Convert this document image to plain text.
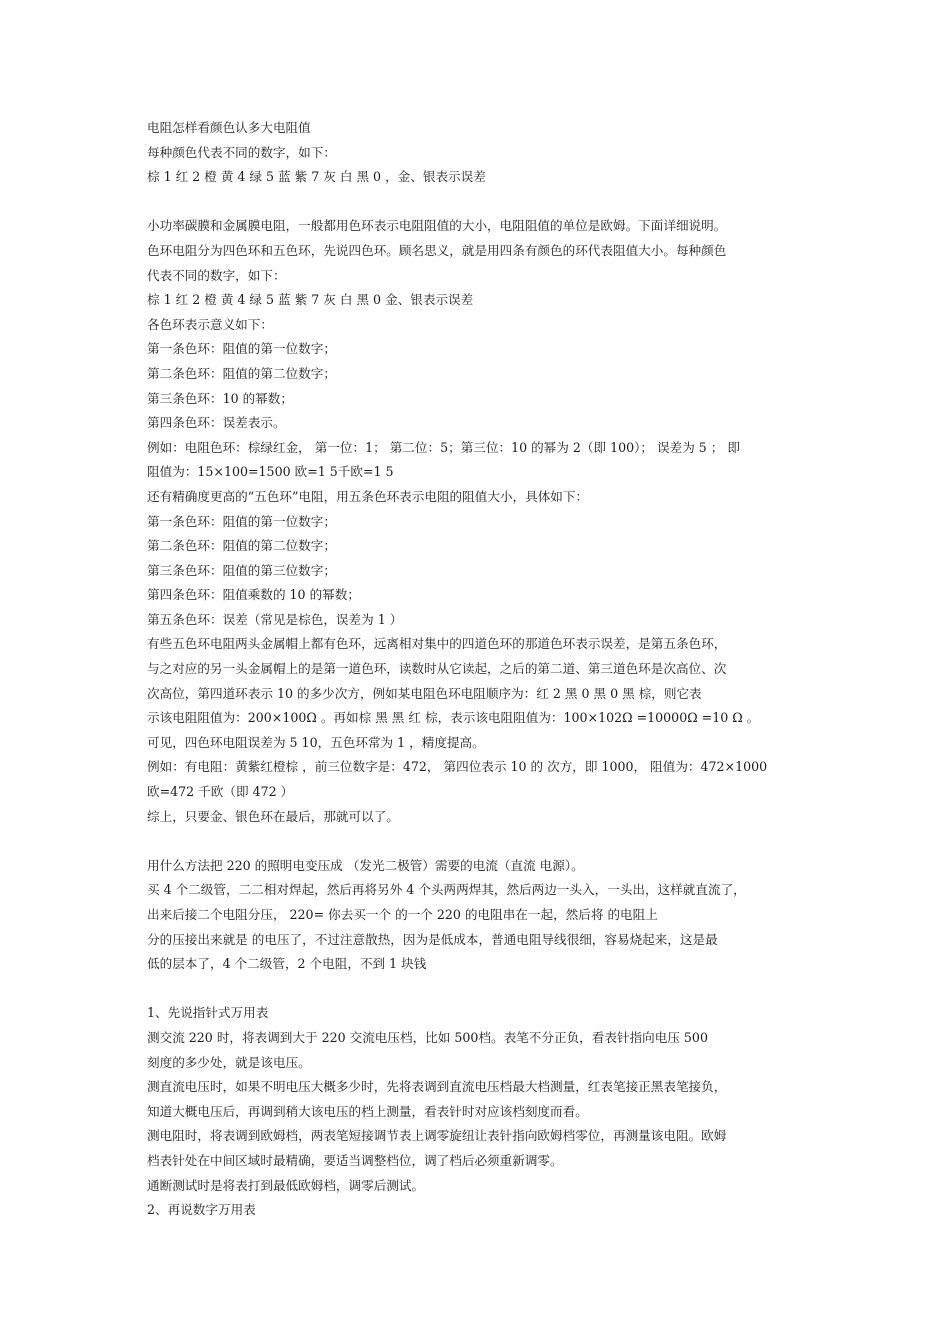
电阻怎样看颜色认多大电阻值
每种颜色代表不同的数字，如下：
棕 1 红 2 橙 黄 4 绿 5 蓝 紫 7 灰 白 黑 0 ，金、银表示误差
小功率碳膜和金属膜电阻，一般都用色环表示电阻阻值的大小，电阻阻值的单位是欧姆。下面详细说明。
色环电阻分为四色环和五色环，先说四色环。顾名思义，就是用四条有颜色的环代表阻值大小。每种颜色
代表不同的数字，如下：
棕 1 红 2 橙 黄 4 绿 5 蓝 紫 7 灰 白 黑 0 金、银表示误差
各色环表示意义如下：
第一条色环：阻值的第一位数字；
第二条色环：阻值的第二位数字；
第三条色环：10 的幂数；
第四条色环：误差表示。
例如：电阻色环：棕绿红金， 第一位：1； 第二位：5；第三位：10 的幂为 2（即 100）； 误差为 5 ； 即
阻值为：15×100=1500 欧=1 5千欧=1 5
还有精确度更高的“五色环”电阻，用五条色环表示电阻的阻值大小，具体如下：
第一条色环：阻值的第一位数字；
第二条色环：阻值的第二位数字；
第三条色环：阻值的第三位数字；
第四条色环：阻值乘数的 10 的幂数；
第五条色环：误差（常见是棕色，误差为 1 ）
有些五色环电阻两头金属帽上都有色环，远离相对集中的四道色环的那道色环表示误差，是第五条色环，
与之对应的另一头金属帽上的是第一道色环，读数时从它读起，之后的第二道、第三道色环是次高位、次
次高位，第四道环表示 10 的多少次方，例如某电阻色环电阻顺序为：红 2 黑 0 黑 0 黑 棕，则它表
示该电阻阻值为：200×100Ω 。再如棕 黑 黑 红 棕，表示该电阻阻值为：100×102Ω =10000Ω =10 Ω 。
可见，四色环电阻误差为 5 10，五色环常为 1 ，精度提高。
例如：有电阻：黄紫红橙棕 ，前三位数字是：472， 第四位表示 10 的 次方，即 1000， 阻值为：472×1000
欧=472 千欧（即 472 ）
综上，只要金、银色环在最后，那就可以了。
用什么方法把 220 的照明电变压成 （发光二极管）需要的电流（直流 电源）。
买 4 个二级管，二二相对焊起，然后再将另外 4 个头两两焊其，然后两边一头入，一头出，这样就直流了，
出来后接二个电阻分压， 220= 你去买一个 的一个 220 的电阻串在一起，然后将 的电阻上
分的压接出来就是 的电压了，不过注意散热，因为是低成本，普通电阻导线很细，容易烧起来，这是最
低的层本了，4 个二级管，2 个电阻，不到 1 块钱
1、先说指针式万用表
测交流 220 时，将表调到大于 220 交流电压档，比如 500档。表笔不分正负，看表针指向电压 500
刻度的多少处，就是该电压。
测直流电压时，如果不明电压大概多少时，先将表调到直流电压档最大档测量，红表笔接正黑表笔接负，
知道大概电压后，再调到稍大该电压的档上测量，看表针时对应该档刻度而看。
测电阻时，将表调到欧姆档，两表笔短接调节表上调零旋纽让表针指向欧姆档零位，再测量该电阻。欧姆
档表针处在中间区域时最精确，要适当调整档位，调了档后必须重新调零。
通断测试时是将表打到最低欧姆档，调零后测试。
2、再说数字万用表
